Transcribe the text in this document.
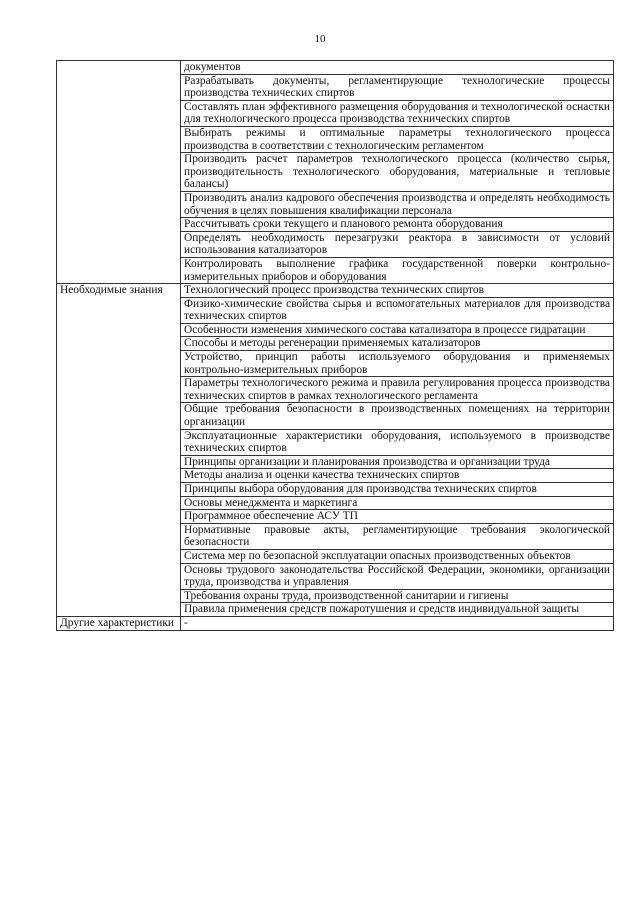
10
	документов
	Разрабатывать документы, регламентирующие технологические процессы производства технических спиртов
	Составлять план эффективного размещения оборудования и технологической оснастки для технологического процесса производства технических спиртов
	Выбирать режимы и оптимальные параметры технологического процесса производства в соответствии с технологическим регламентом
	Производить расчет параметров технологического процесса (количество сырья, производительность технологического оборудования, материальные и тепловые балансы)
	Производить анализ кадрового обеспечения производства и определять необходимость обучения в целях повышения квалификации персонала
	Рассчитывать сроки текущего и планового ремонта оборудования
	Определять необходимость перезагрузки реактора в зависимости от условий использования катализаторов
	Контролировать выполнение графика государственной поверки контрольно-измерительных приборов и оборудования
Необходимые знания	Технологический процесс производства технических спиртов
	Физико-химические свойства сырья и вспомогательных материалов для производства технических спиртов
	Особенности изменения химического состава катализатора в процессе гидратации
	Способы и методы регенерации применяемых катализаторов
	Устройство, принцип работы используемого оборудования и применяемых контрольно-измерительных приборов
	Параметры технологического режима и правила регулирования процесса производства технических спиртов в рамках технологического регламента
	Общие требования безопасности в производственных помещениях на территории организации
	Эксплуатационные характеристики оборудования, используемого в производстве технических спиртов
	Принципы организации и планирования производства и организации труда
	Методы анализа и оценки качества технических спиртов
	Принципы выбора оборудования для производства технических спиртов
	Основы менеджмента и маркетинга
	Программное обеспечение АСУ ТП
	Нормативные правовые акты, регламентирующие требования экологической безопасности
	Система мер по безопасной эксплуатации опасных производственных объектов
	Основы трудового законодательства Российской Федерации, экономики, организации труда, производства и управления
	Требования охраны труда, производственной санитарии и гигиены
	Правила применения средств пожаротушения и средств индивидуальной защиты
Другие характеристики	-
